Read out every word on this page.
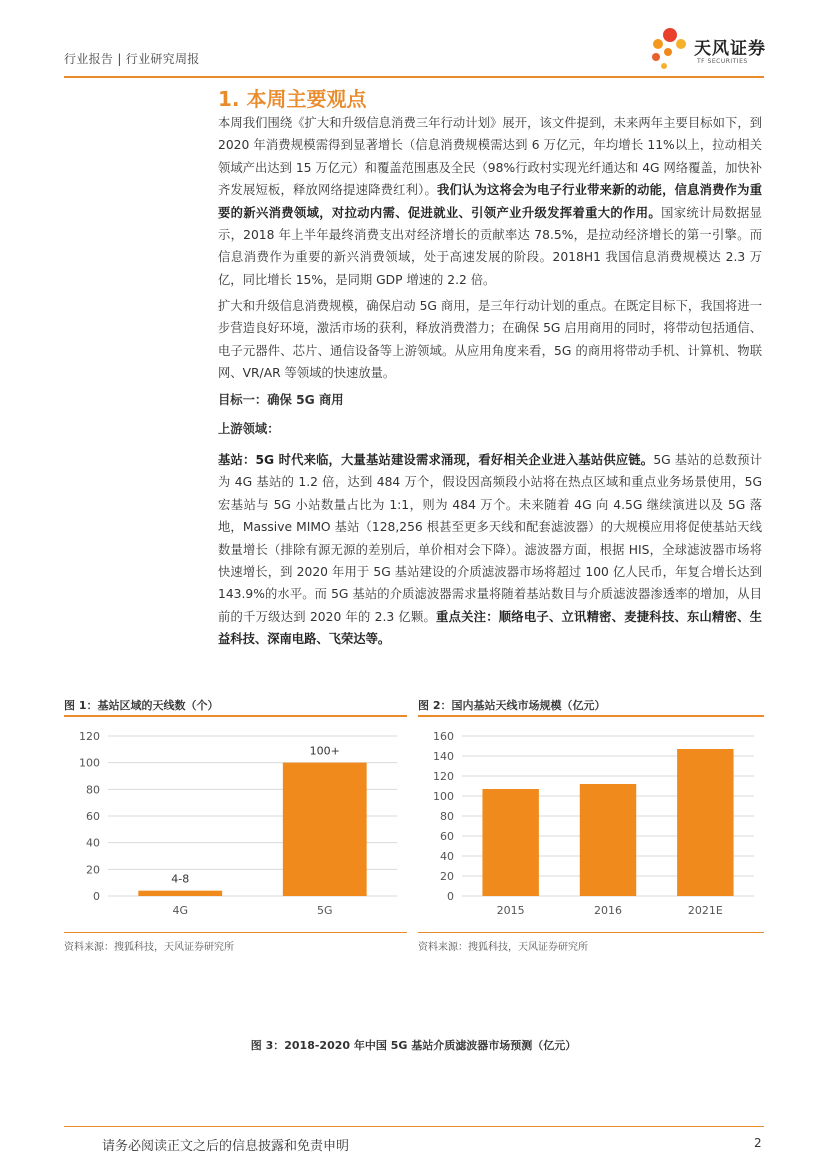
行业报告 | 行业研究周报	天风证券
TF SECURITIES
1. 本周主要观点
本周我们围绕《扩大和升级信息消费三年行动计划》展开，该文件提到，未来两年主要目标如下，到 2020 年消费规模需得到显著增长（信息消费规模需达到 6 万亿元，年均增长 11%以上，拉动相关领域产出达到 15 万亿元）和覆盖范围惠及全民（98%行政村实现光纤通达和 4G 网络覆盖，加快补齐发展短板，释放网络提速降费红利）。我们认为这将会为电子行业带来新的动能，信息消费作为重要的新兴消费领域，对拉动内需、促进就业、引领产业升级发挥着重大的作用。国家统计局数据显示，2018 年上半年最终消费支出对经济增长的贡献率达 78.5%，是拉动经济增长的第一引擎。而信息消费作为重要的新兴消费领域，处于高速发展的阶段。2018H1 我国信息消费规模达 2.3 万亿，同比增长 15%，是同期 GDP 增速的 2.2 倍。
扩大和升级信息消费规模，确保启动 5G 商用，是三年行动计划的重点。在既定目标下，我国将进一步营造良好环境，激活市场的获利，释放消费潜力；在确保 5G 启用商用的同时，将带动包括通信、电子元器件、芯片、通信设备等上游领域。从应用角度来看，5G 的商用将带动手机、计算机、物联网、VR/AR 等领域的快速放量。
目标一：确保 5G 商用
上游领域：
基站：5G 时代来临，大量基站建设需求涌现，看好相关企业进入基站供应链。5G 基站的总数预计为 4G 基站的 1.2 倍，达到 484 万个，假设因高频段小站将在热点区域和重点业务场景使用，5G 宏基站与 5G 小站数量占比为 1:1，则为 484 万个。未来随着 4G 向 4.5G 继续演进以及 5G 落地，Massive MIMO 基站（128,256 根甚至更多天线和配套滤波器）的大规模应用将促使基站天线数量增长（排除有源无源的差别后，单价相对会下降）。滤波器方面，根据 HIS，全球滤波器市场将快速增长，到 2020 年用于 5G 基站建设的介质滤波器市场将超过 100 亿人民币，年复合增长达到 143.9%的水平。而 5G 基站的介质滤波器需求量将随着基站数目与介质滤波器渗透率的增加，从目前的千万级达到 2020 年的 2.3 亿颗。重点关注：顺络电子、立讯精密、麦捷科技、东山精密、生益科技、深南电路、飞荣达等。
图 1：基站区域的天线数（个）
0
20
40
60
80
100
120
4G
4-8
5G
100+
资料来源：搜狐科技，天风证券研究所
图 2：国内基站天线市场规模（亿元）
0
20
40
60
80
100
120
140
160
2015	2016	2021E
资料来源：搜狐科技，天风证券研究所
图 3：2018-2020 年中国 5G 基站介质滤波器市场预测（亿元）
请务必阅读正文之后的信息披露和免责申明	2
